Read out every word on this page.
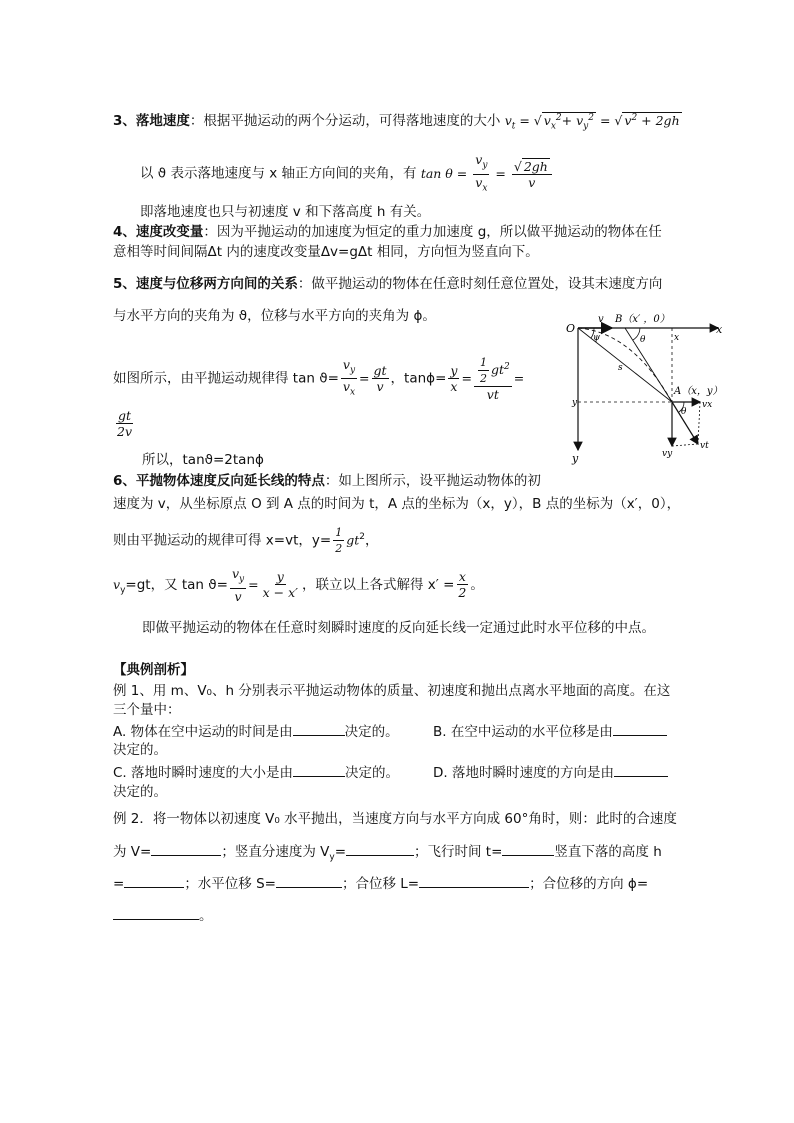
3、落地速度：根据平抛运动的两个分运动，可得落地速度的大小 $v_t$ = √ $v_x^2+ v_y^2$ = √ $v^2 + 2gh$
以 ϑ 表示落地速度与 x 轴正方向间的夹角，有 $\tan \theta = \frac{v_y}{v_x} = \frac{√ 2gh}{v}$
即落地速度也只与初速度 v 和下落高度 h 有关。
4、速度改变量：因为平抛运动的加速度为恒定的重力加速度 g，所以做平抛运动的物体在任
意相等时间间隔Δt 内的速度改变量Δv=gΔt 相同，方向恒为竖直向下。
5、速度与位移两方向间的关系：做平抛运动的物体在任意时刻任意位置处，设其末速度方向
与水平方向的夹角为 ϑ，位移与水平方向的夹角为 ϕ。
如图所示，由平抛运动规律得 $\tan ϑ= \frac{v_y}{v_x} = \frac{gt}{v}$ ，$\tan\phi= \frac{y}{x} = \frac{\frac{1}{2} gt^2}{vt}$ =
$\frac{gt}{2v}$
所以，tanϑ=2tanϕ
O
v B（x′ ，0）
x
x
ψ	θ
s
A（x，y）
y
y
θ
vx
vy
vt
6、平抛物体速度反向延长线的特点：如上图所示，设平抛运动物体的初
速度为 v，从坐标原点 O 到 A 点的时间为 t，A 点的坐标为（x，y），B 点的坐标为（x′，0），
则由平抛运动的规律可得 x=vt，$y= \frac{1}{2} gt^2$，
$v_y=gt$，又 $\tan ϑ= \frac{v_y}{v} = \frac{y}{x - x'}$ ，联立以上各式解得 $x' = \frac{x}{2}$ 。
即做平抛运动的物体在任意时刻瞬时速度的反向延长线一定通过此时水平位移的中点。
【典例剖析】
例 1、用 m、V₀、h 分别表示平抛运动物体的质量、初速度和抛出点离水平地面的高度。在这
三个量中：
A. 物体在空中运动的时间是由	决定的。	B. 在空中运动的水平位移是由
决定的。
C. 落地时瞬时速度的大小是由	决定的。	D. 落地时瞬时速度的方向是由
决定的。
例 2．将一物体以初速度 V₀ 水平抛出，当速度方向与水平方向成 60°角时，则：此时的合速度
为 V=	；竖直分速度为 $V_y=$	；飞行时间 t=	竖直下落的高度 h
=	；水平位移 S=	；合位移 L=	；合位移的方向 ϕ=
。
